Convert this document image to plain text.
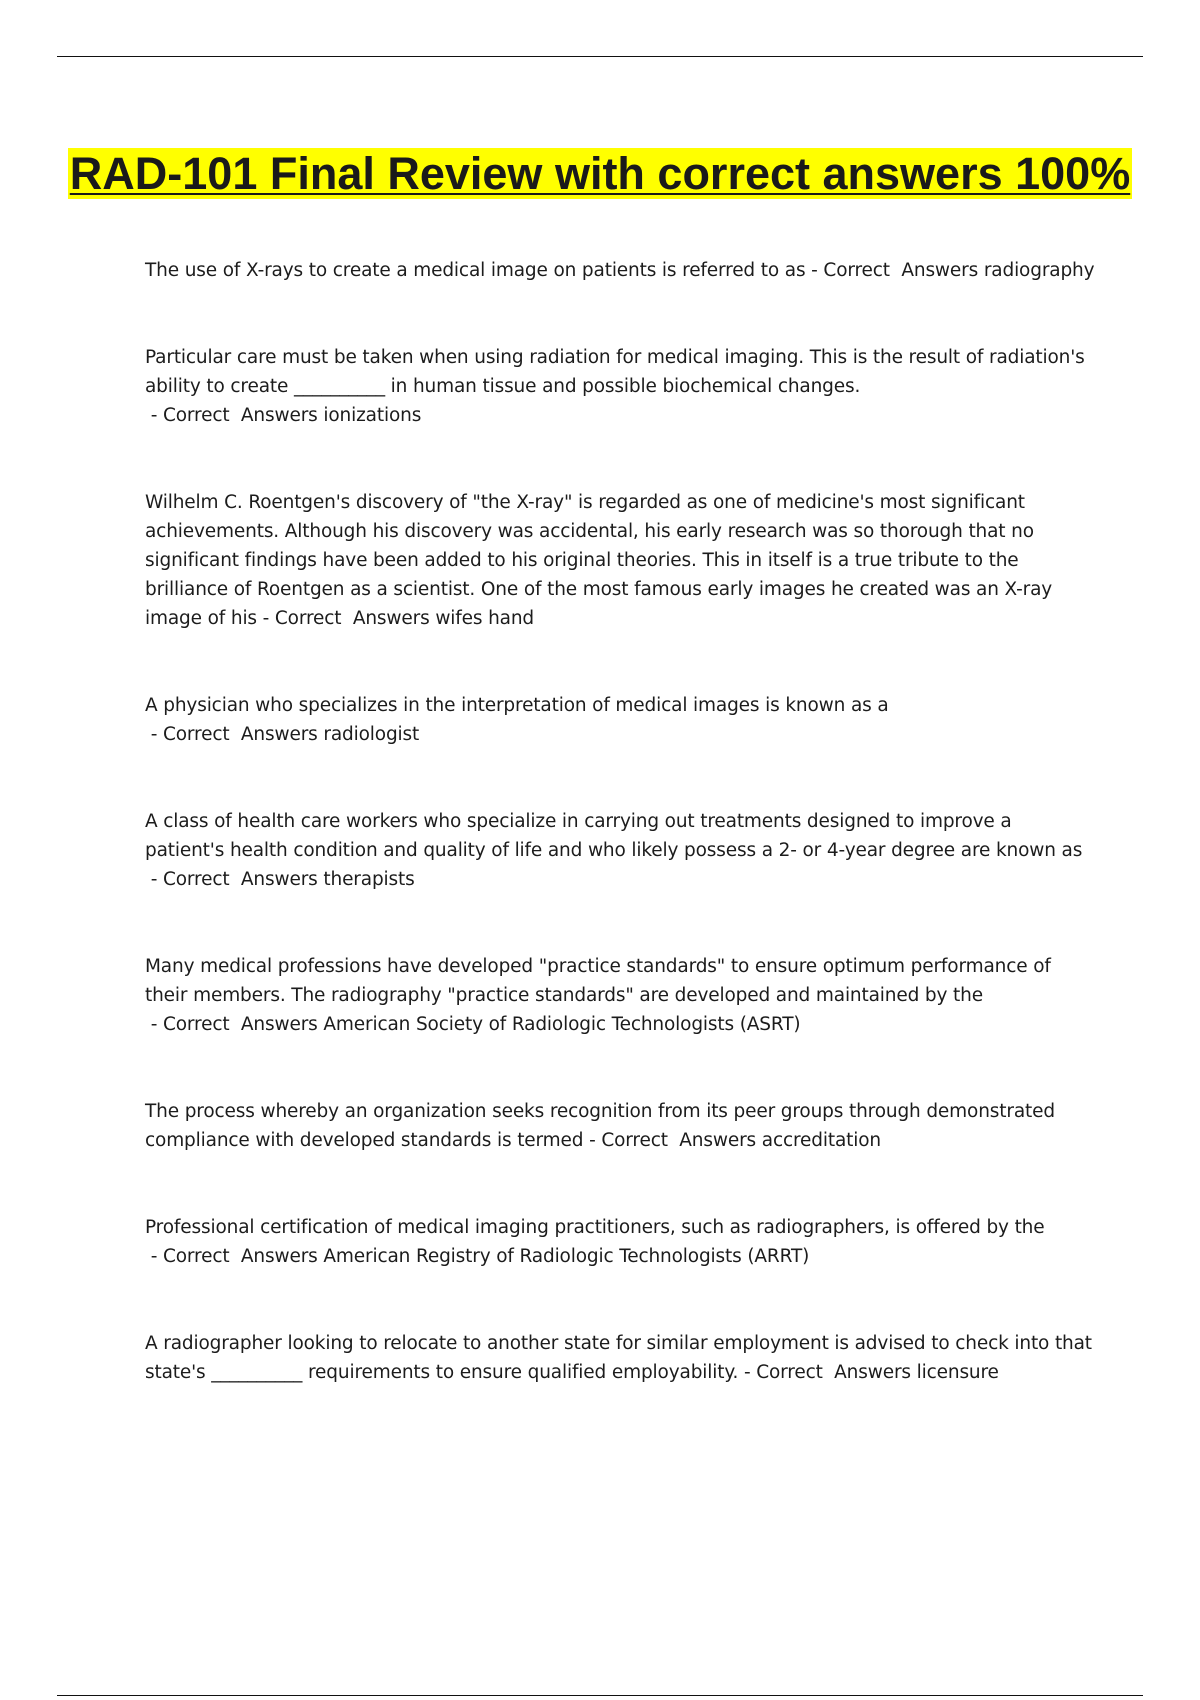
RAD-101 Final Review with correct answers 100%
The use of X-rays to create a medical image on patients is referred to as - Correct  Answers radiography
Particular care must be taken when using radiation for medical imaging. This is the result of radiation's ability to create __________ in human tissue and possible biochemical changes. - Correct  Answers ionizations
Wilhelm C. Roentgen's discovery of "the X-ray" is regarded as one of medicine's most significant achievements. Although his discovery was accidental, his early research was so thorough that no significant findings have been added to his original theories. This in itself is a true tribute to the brilliance of Roentgen as a scientist. One of the most famous early images he created was an X-ray image of his - Correct  Answers wifes hand
A physician who specializes in the interpretation of medical images is known as a - Correct  Answers radiologist
A class of health care workers who specialize in carrying out treatments designed to improve a patient's health condition and quality of life and who likely possess a 2- or 4-year degree are known as - Correct  Answers therapists
Many medical professions have developed "practice standards" to ensure optimum performance of their members. The radiography "practice standards" are developed and maintained by the - Correct  Answers American Society of Radiologic Technologists (ASRT)
The process whereby an organization seeks recognition from its peer groups through demonstrated compliance with developed standards is termed - Correct  Answers accreditation
Professional certification of medical imaging practitioners, such as radiographers, is offered by the - Correct  Answers American Registry of Radiologic Technologists (ARRT)
A radiographer looking to relocate to another state for similar employment is advised to check into that state's __________ requirements to ensure qualified employability. - Correct  Answers licensure
